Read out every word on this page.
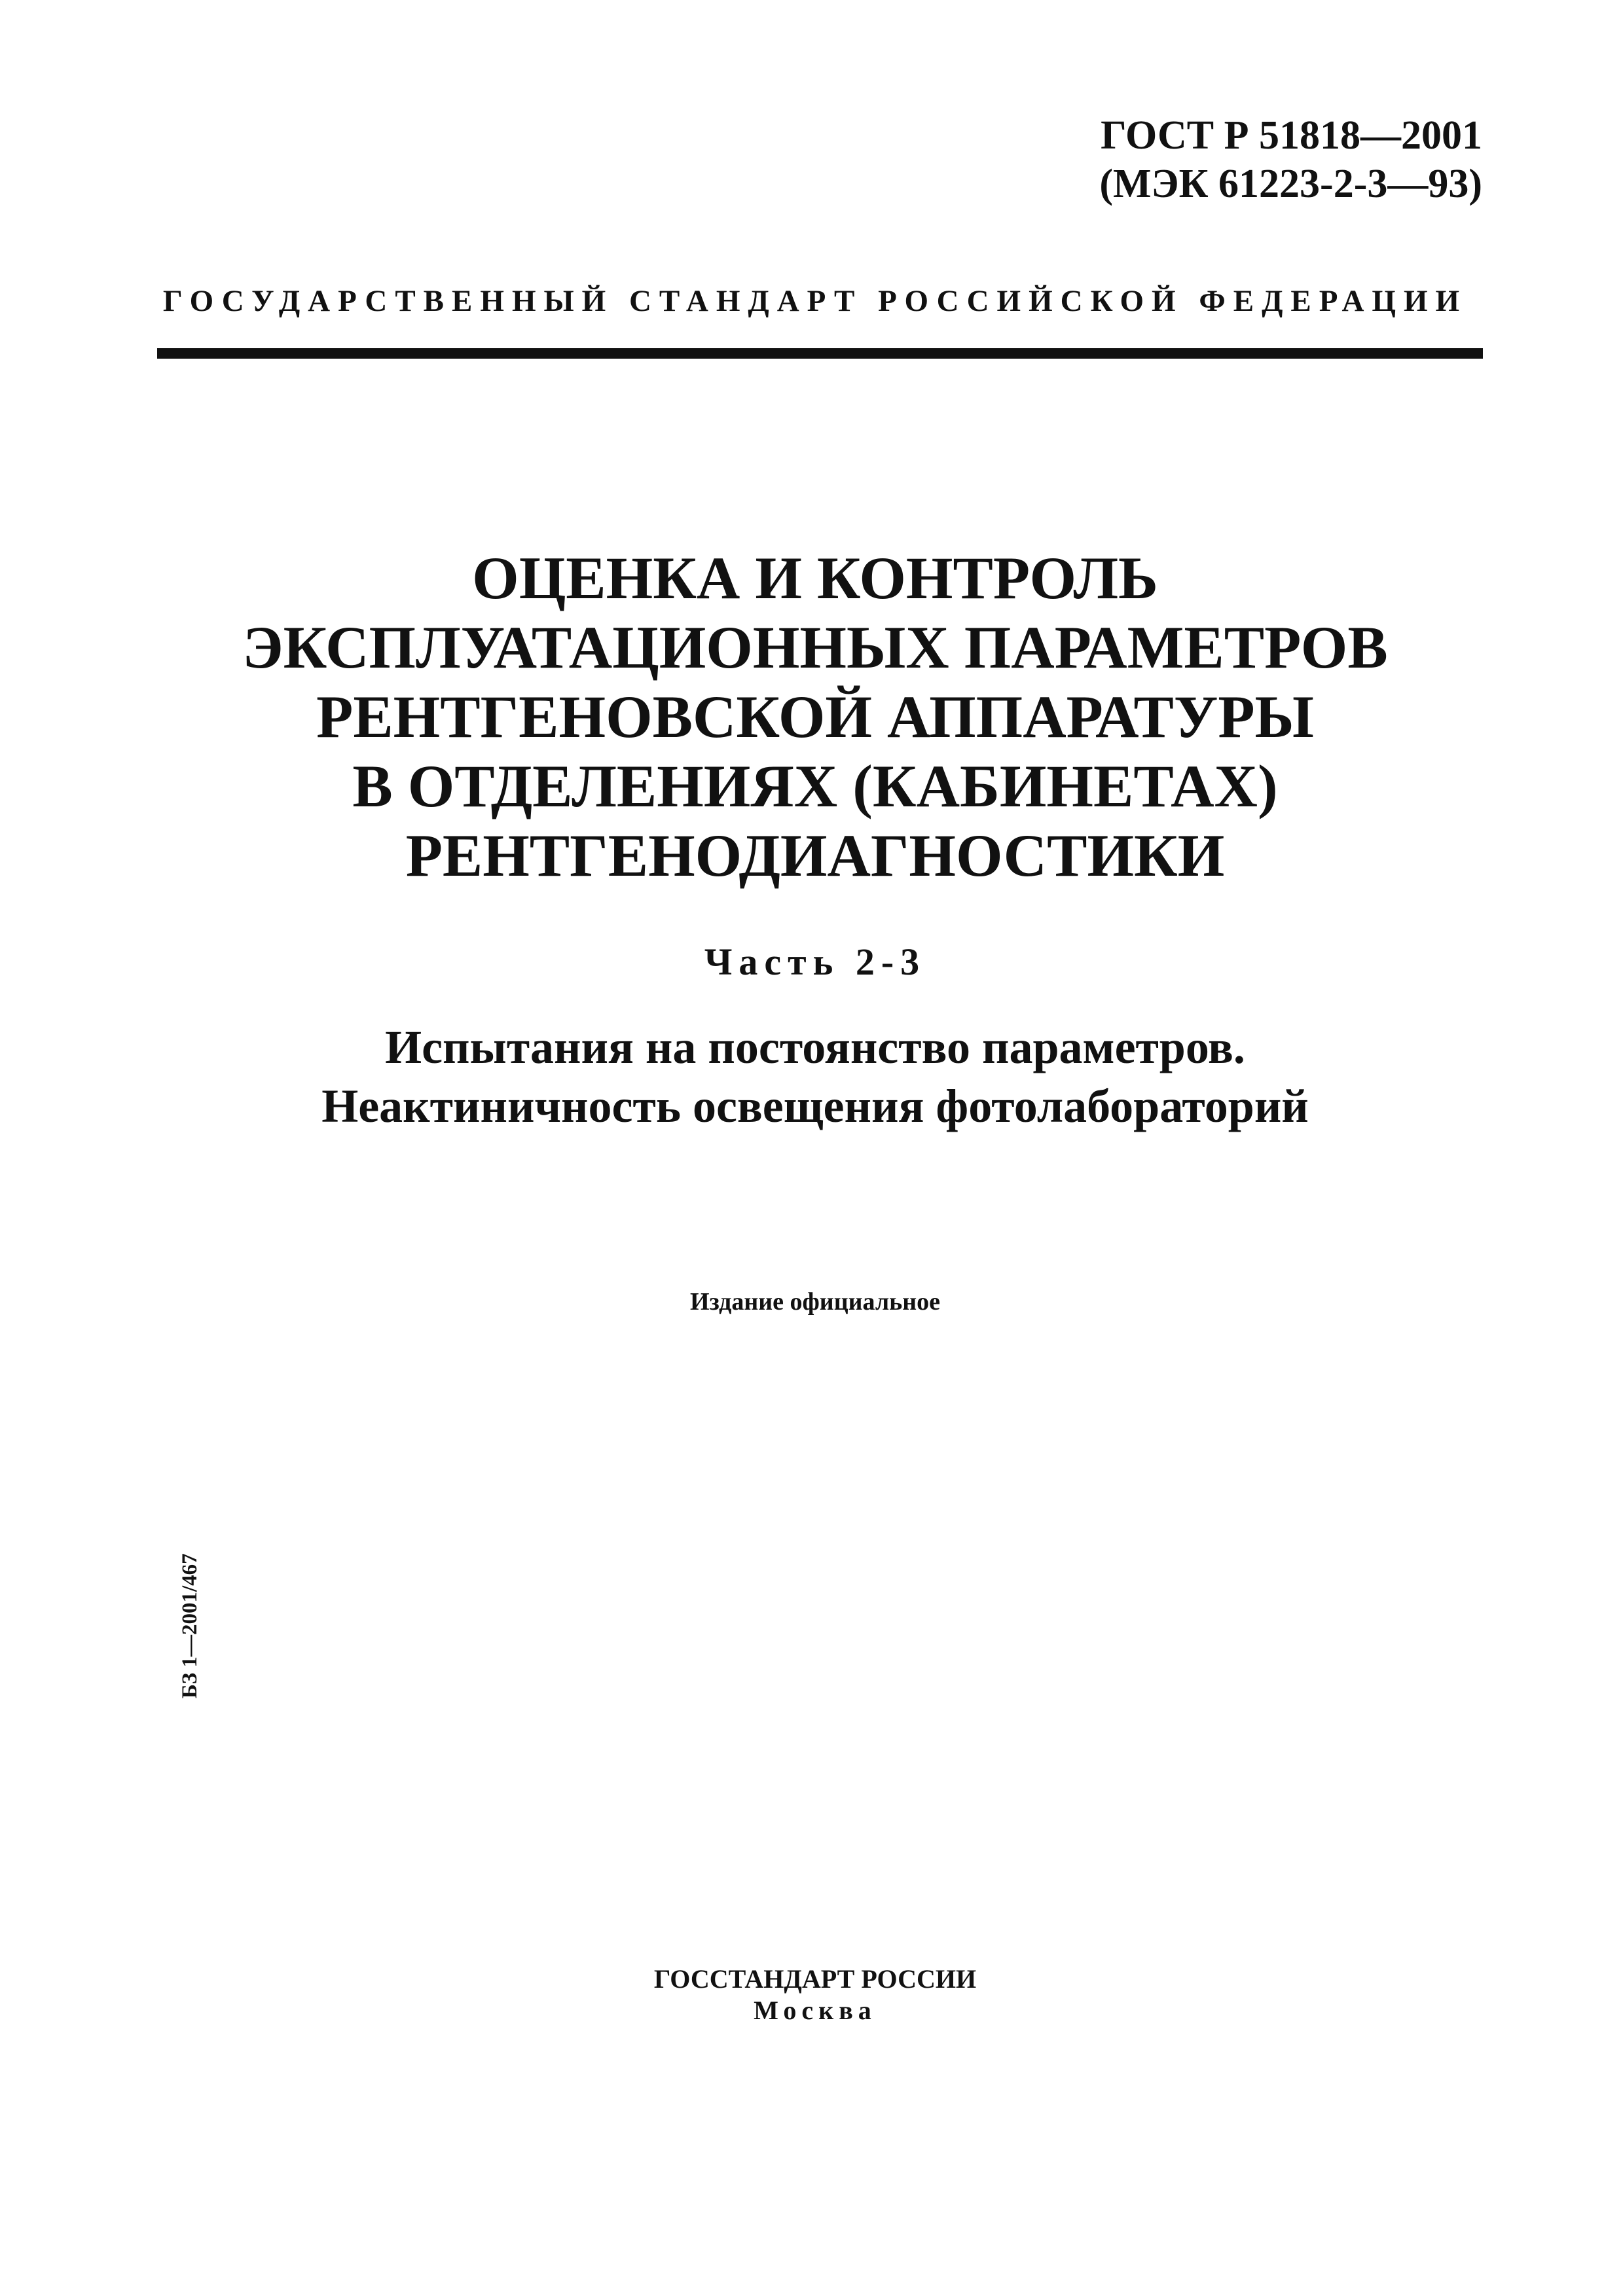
ГОСТ Р 51818—2001
(МЭК 61223-2-3—93)
ГОСУДАРСТВЕННЫЙ СТАНДАРТ РОССИЙСКОЙ ФЕДЕРАЦИИ
ОЦЕНКА И КОНТРОЛЬ
ЭКСПЛУАТАЦИОННЫХ ПАРАМЕТРОВ
РЕНТГЕНОВСКОЙ АППАРАТУРЫ
В ОТДЕЛЕНИЯХ (КАБИНЕТАХ)
РЕНТГЕНОДИАГНОСТИКИ
Часть 2-3
Испытания на постоянство параметров.
Неактиничность освещения фотолабораторий
Издание официальное
БЗ 1—2001/467
ГОССТАНДАРТ РОССИИ
Москва
